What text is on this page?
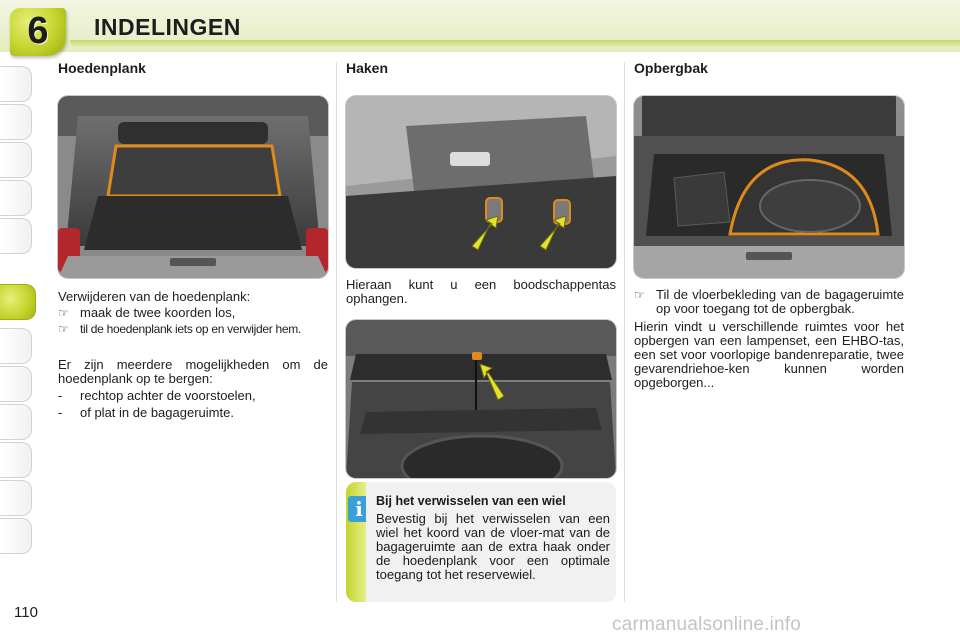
6	INDELINGEN
Hoedenplank
Verwijderen van de hoedenplank:
☞ maak de twee koorden los,
☞ til de hoedenplank iets op en verwijder hem.
Er zijn meerdere mogelijkheden om de hoedenplank op te bergen:
-	rechtop achter de voorstoelen,
-	of plat in de bagageruimte.
Haken
Hieraan kunt u een boodschappentas ophangen.
i	Bij het verwisselen van een wiel
Bevestig bij het verwisselen van een wiel het koord van de vloer-mat van de bagageruimte aan de extra haak onder de hoedenplank voor een optimale toegang tot het reservewiel.
Opbergbak
☞ Til de vloerbekleding van de bagageruimte op voor toegang tot de opbergbak.
Hierin vindt u verschillende ruimtes voor het opbergen van een lampenset, een EHBO-tas, een set voor voorlopige bandenreparatie, twee gevarendriehoe-ken kunnen worden opgeborgen...
110
carmanualsonline.info
